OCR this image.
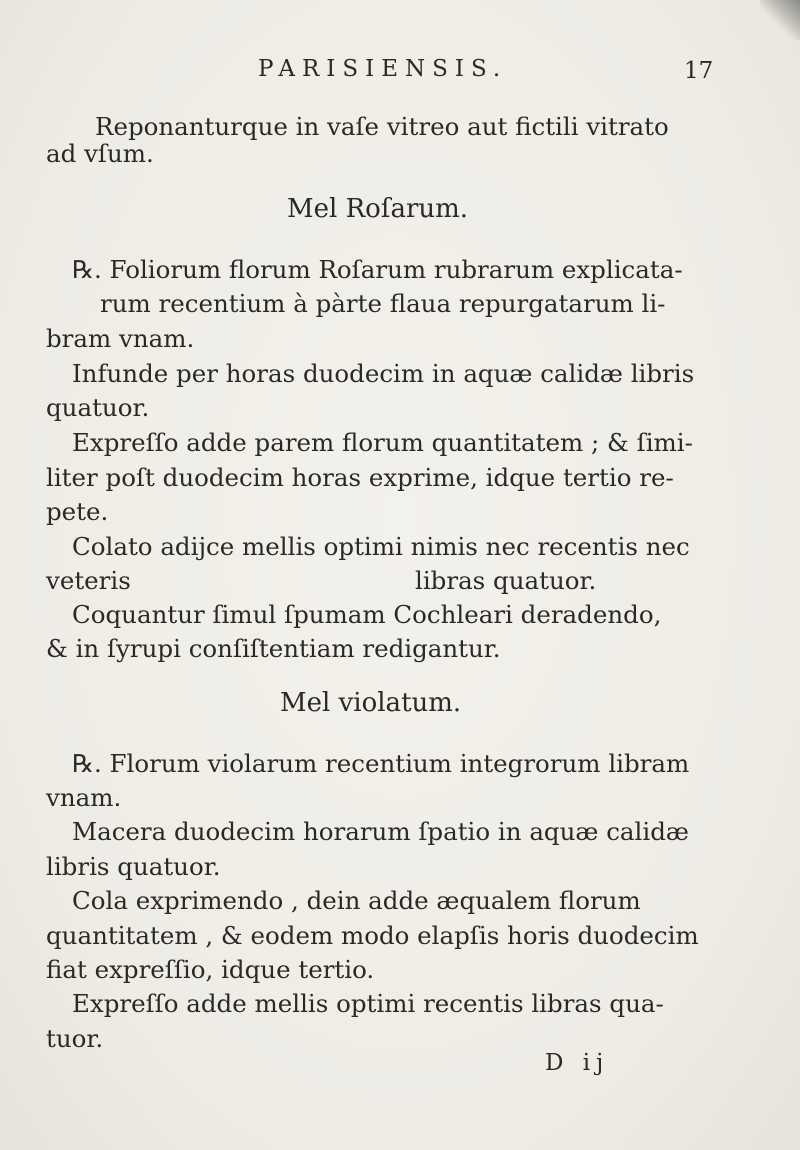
PARISIENSIS.	17
Reponanturque in vaſe vitreo aut fictili vitrato
ad vſum.
Mel Roſarum.
℞. Foliorum florum Roſarum rubrarum explicata-
rum recentium à pàrte flaua repurgatarum li-
bram vnam.
Infunde per horas duodecim in aquæ calidæ libris
quatuor.
Expreſſo adde parem florum quantitatem ; & ſimi-
liter poſt duodecim horas exprime, idque tertio re-
pete.
Colato adijce mellis optimi nimis nec recentis nec
veteris	libras quatuor.
Coquantur ſimul ſpumam Cochleari deradendo,
& in ſyrupi conſiſtentiam redigantur.
Mel violatum.
℞. Florum violarum recentium integrorum libram
vnam.
Macera duodecim horarum ſpatio in aquæ calidæ
libris quatuor.
Cola exprimendo , dein adde æqualem florum
quantitatem , & eodem modo elapſis horis duodecim
fiat expreſſio, idque tertio.
Expreſſo adde mellis optimi recentis libras qua-
tuor.
D ij
